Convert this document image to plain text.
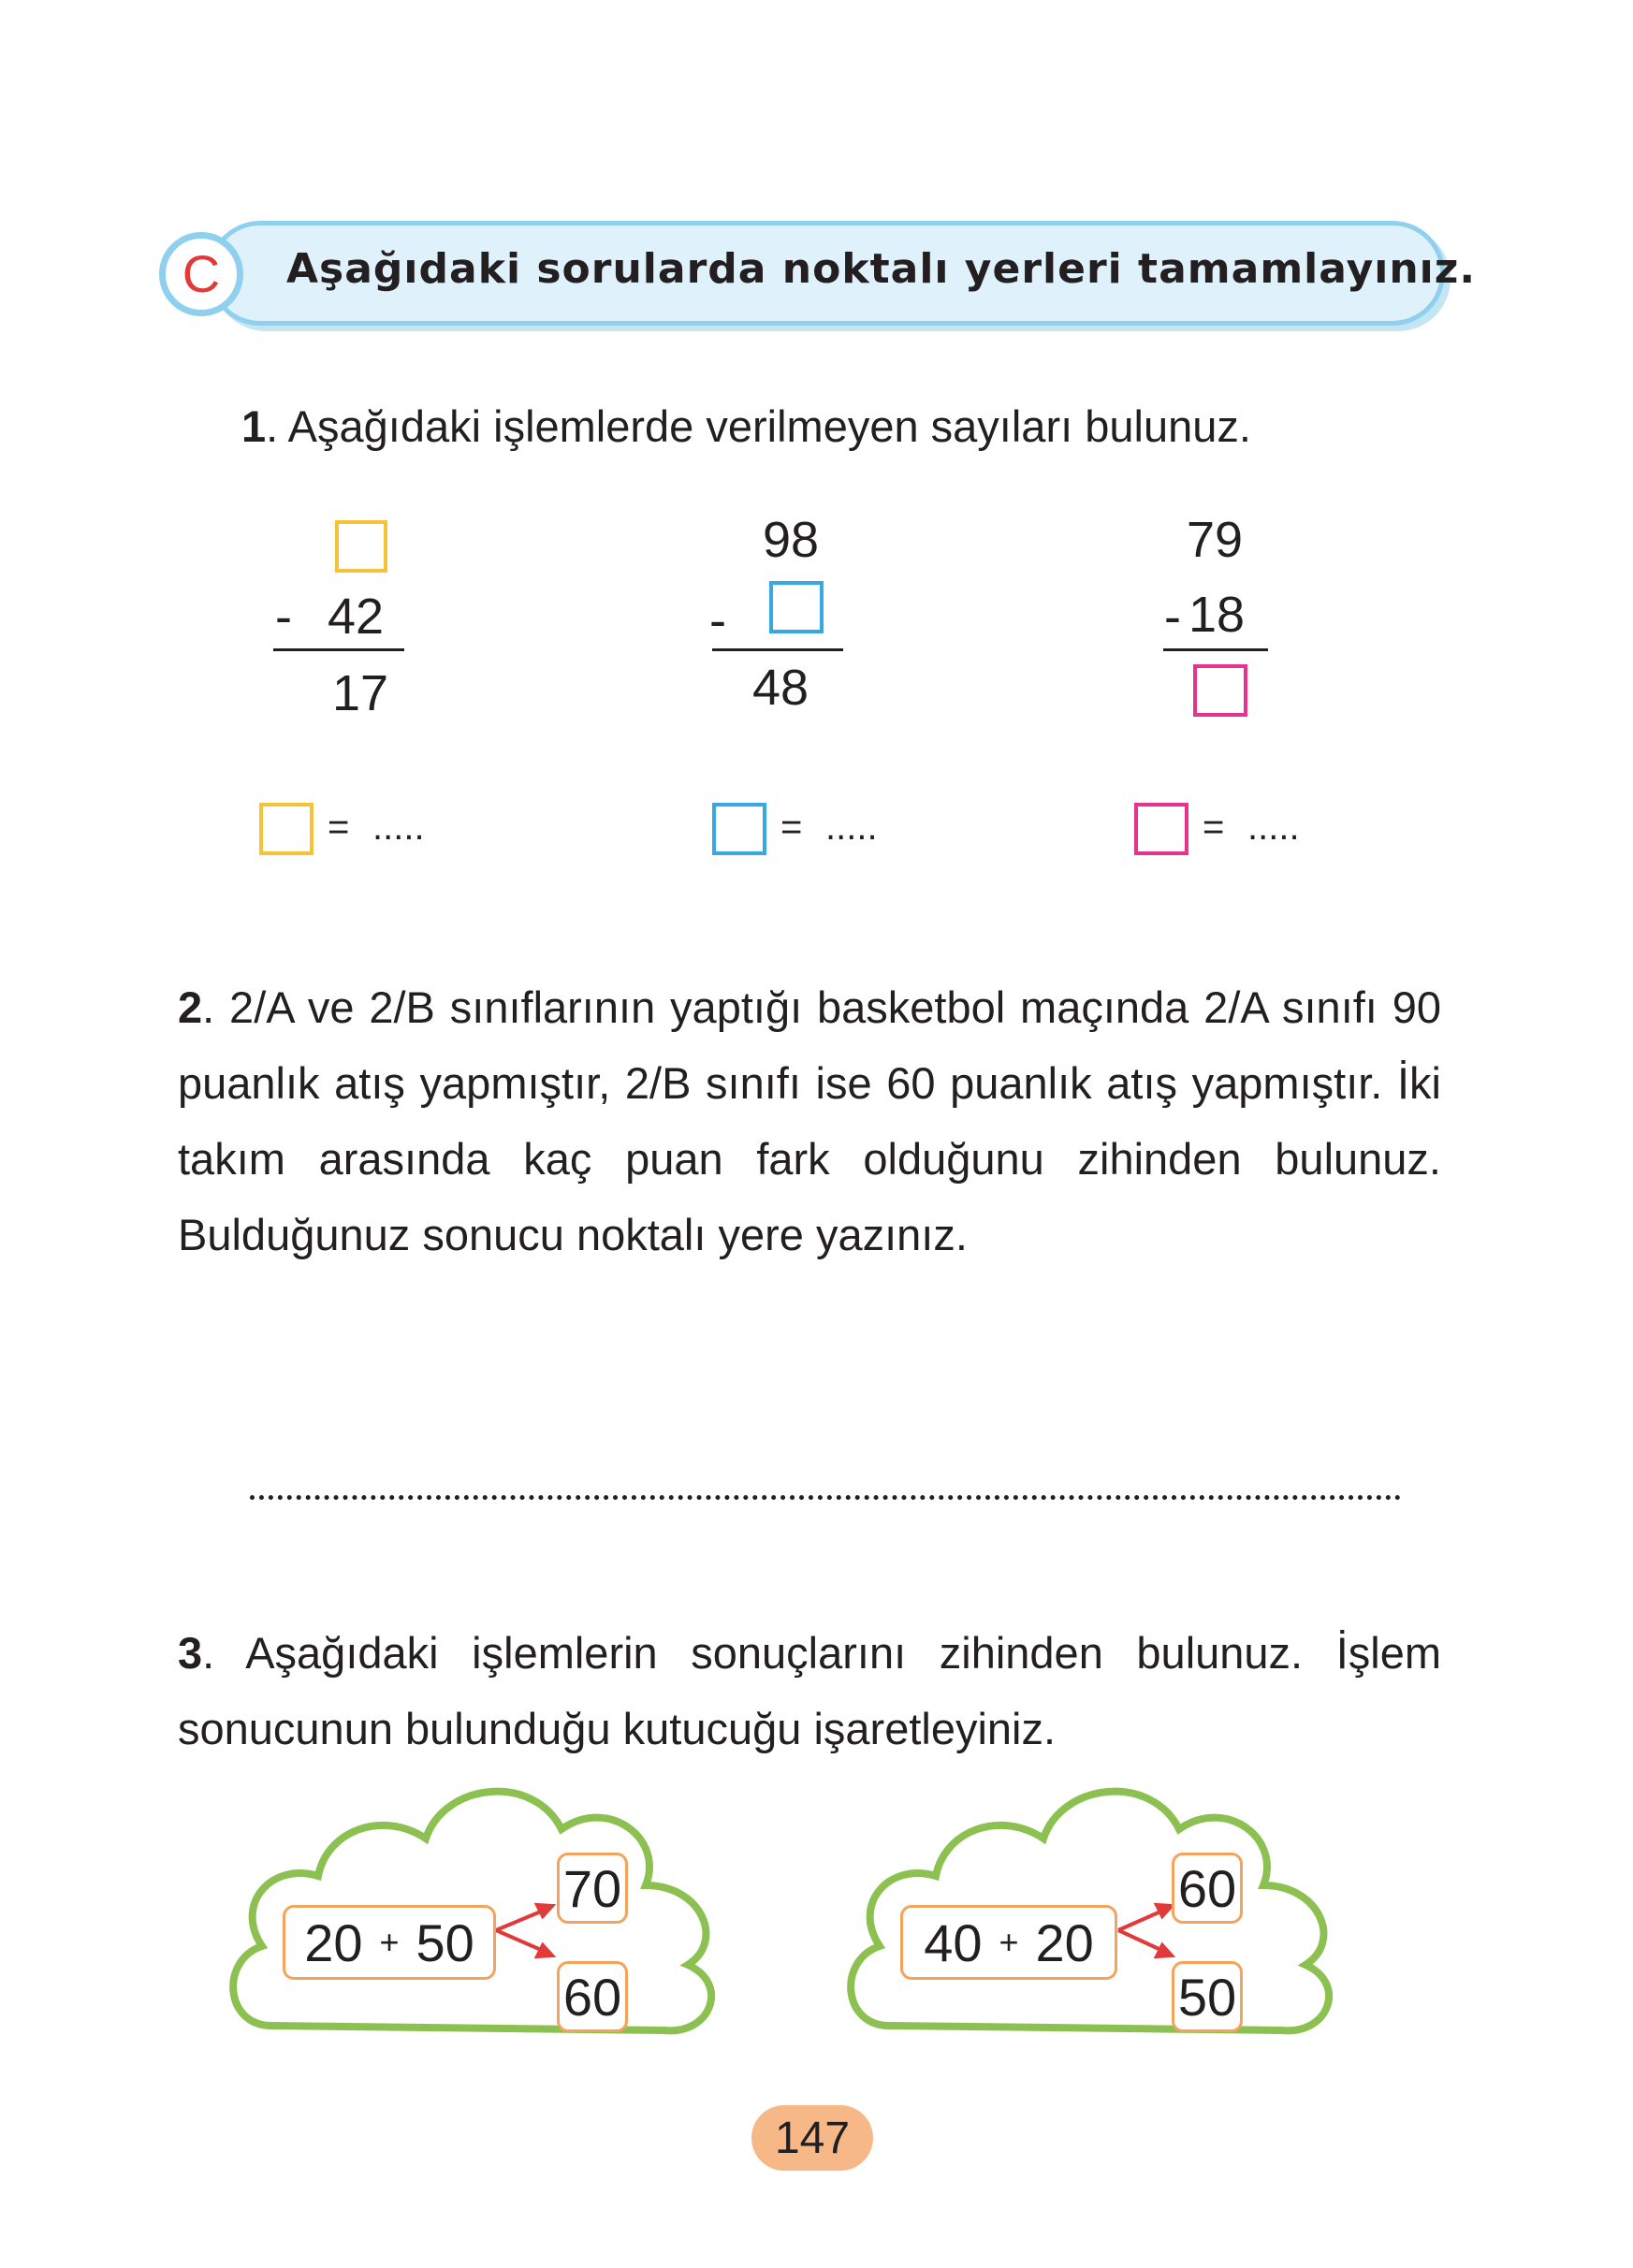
C Aşağıdaki sorularda noktalı yerleri tamamlayınız.
1. Aşağıdaki işlemlerde verilmeyen sayıları bulunuz.
- 42
17
98
-
48
79
- 18
= .....	= .....	= .....
2. 2/A ve 2/B sınıflarının yaptığı basketbol maçında 2/A sınıfı 90 puanlık atış yapmıştır, 2/B sınıfı ise 60 puanlık atış yapmıştır. İki takım arasında kaç puan fark olduğunu zihinden bulunuz. Bulduğunuz sonucu noktalı yere yazınız.
3. Aşağıdaki işlemlerin sonuçlarını zihinden bulunuz. İşlem sonucunun bulunduğu kutucuğu işaretleyiniz.
20 + 50
70
60
40 + 20
60
50
147
